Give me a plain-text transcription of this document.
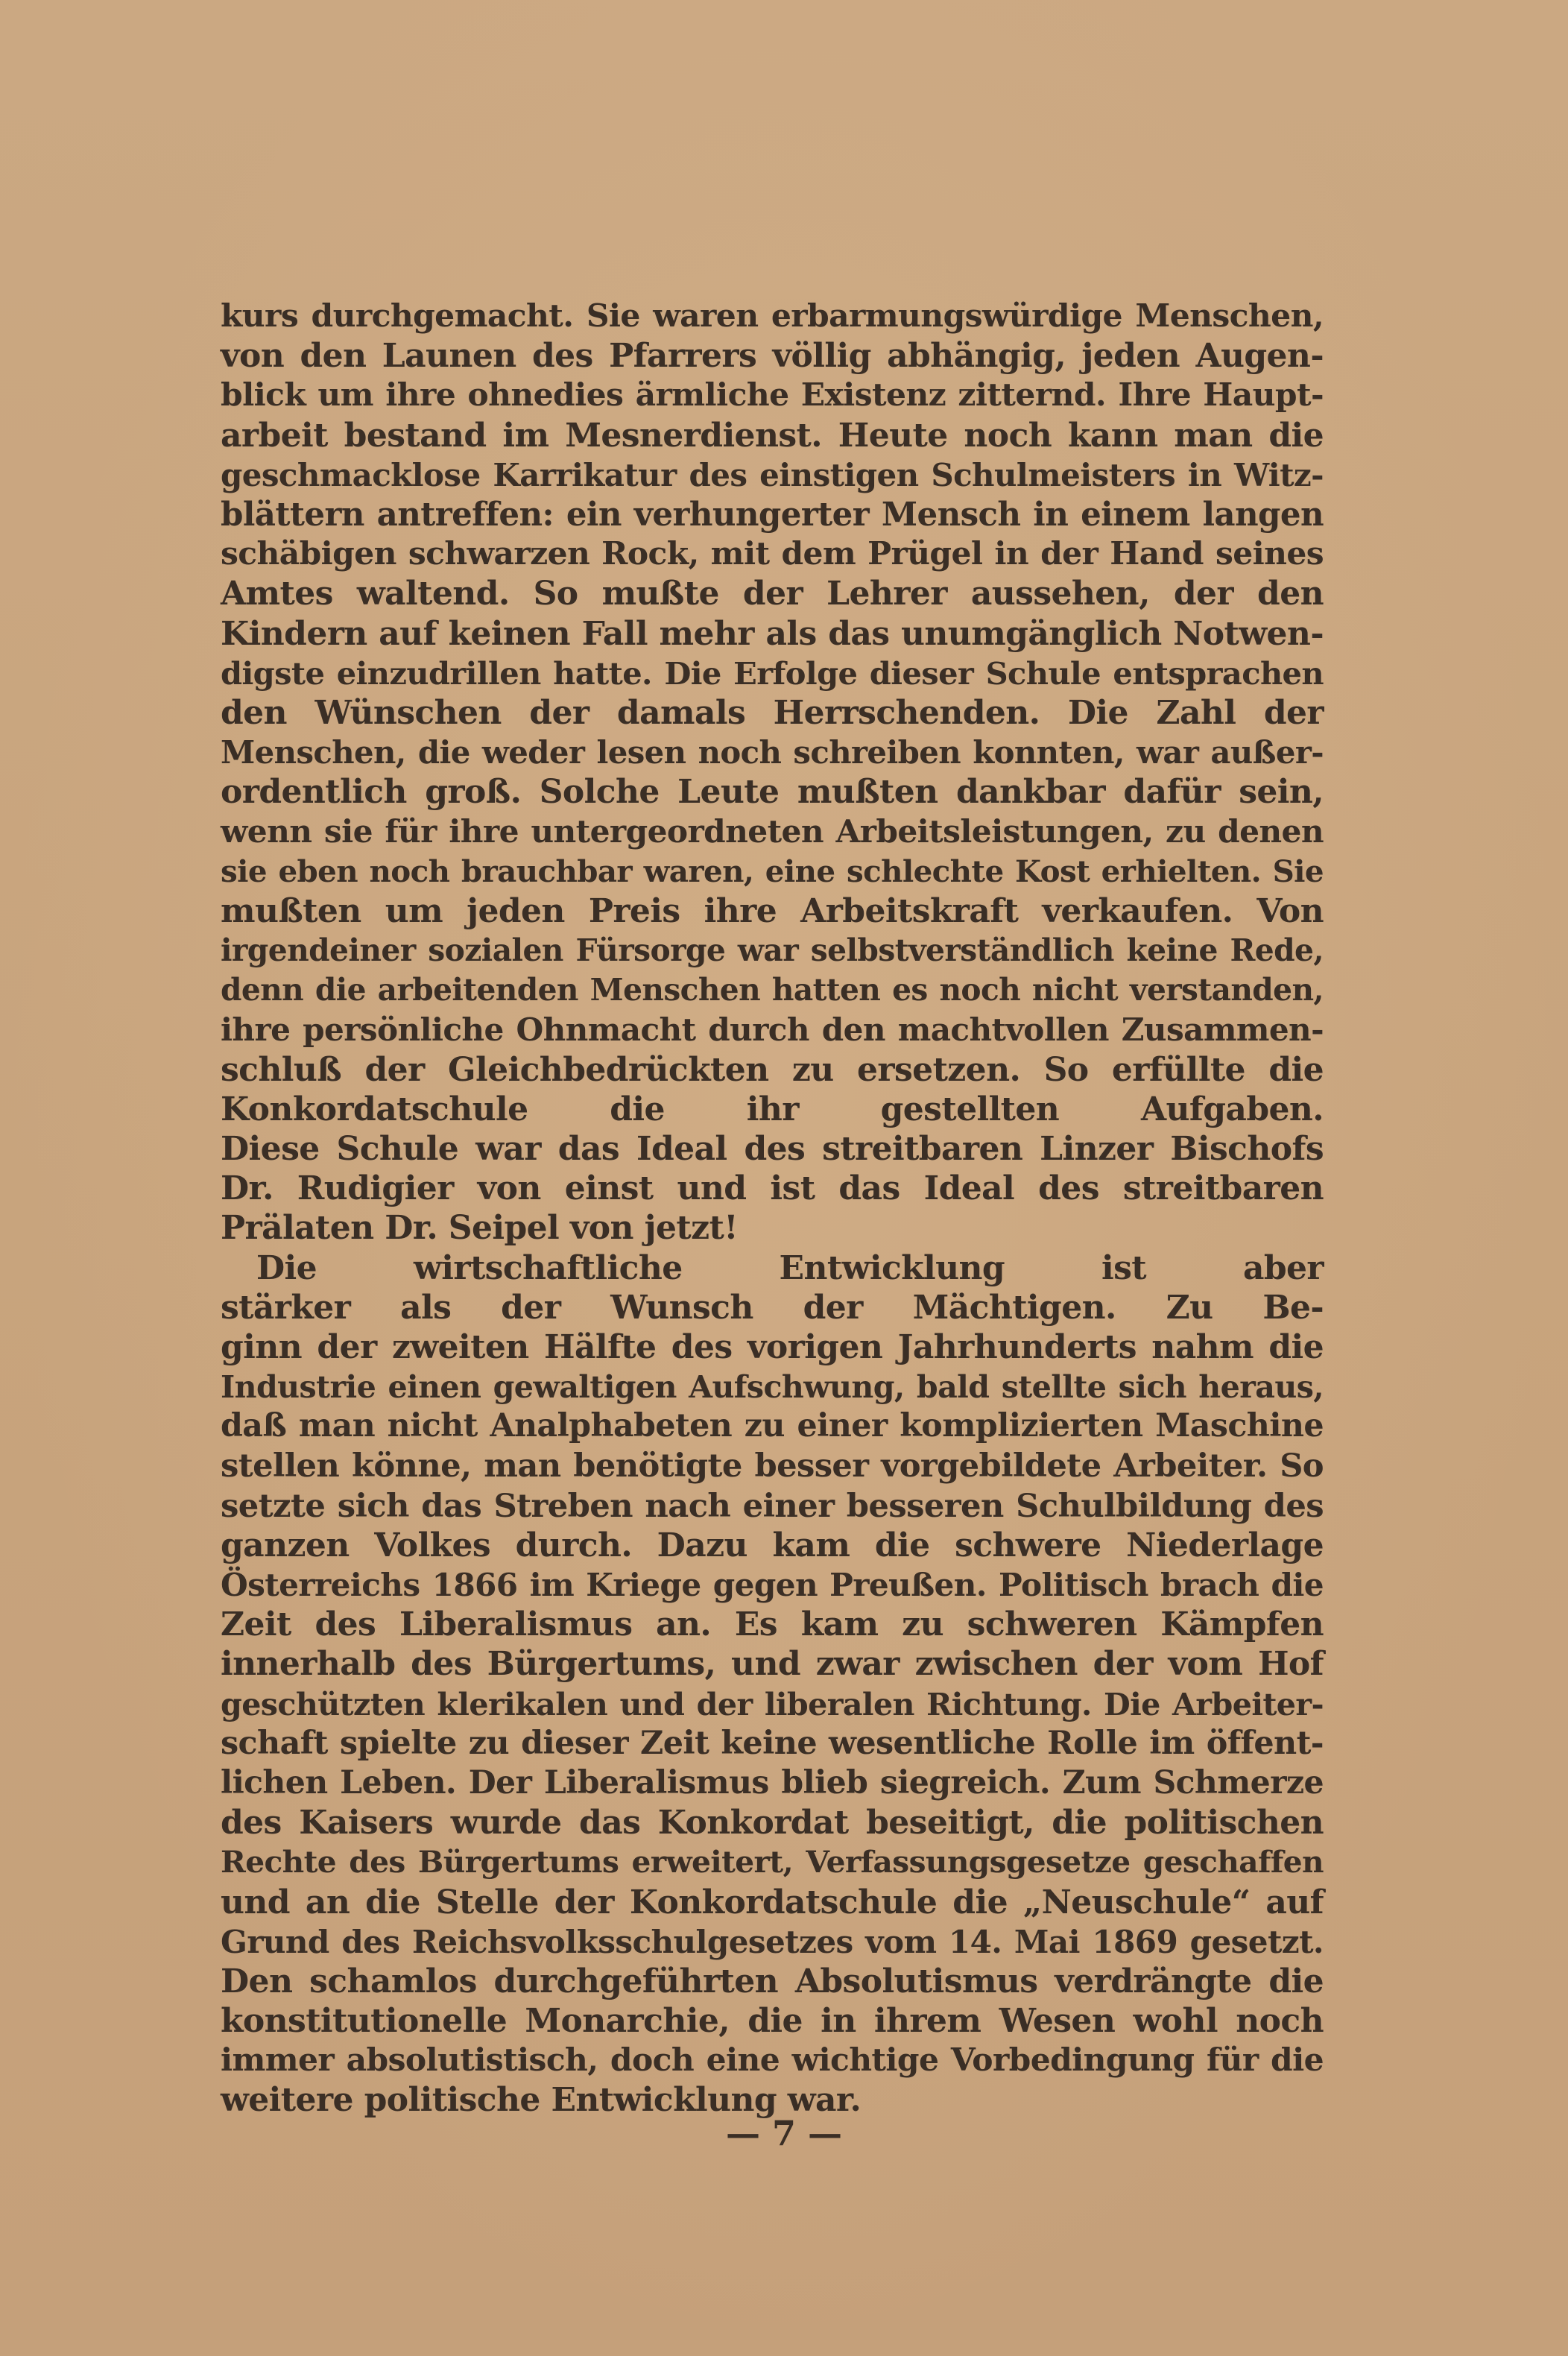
kurs durchgemacht. Sie waren erbarmungswürdige Menschen,
von den Launen des Pfarrers völlig abhängig, jeden Augen-
blick um ihre ohnedies ärmliche Existenz zitternd. Ihre Haupt-
arbeit bestand im Mesnerdienst. Heute noch kann man die
geschmacklose Karrikatur des einstigen Schulmeisters in Witz-
blättern antreffen: ein verhungerter Mensch in einem langen
schäbigen schwarzen Rock, mit dem Prügel in der Hand seines
Amtes waltend. So mußte der Lehrer aussehen, der den
Kindern auf keinen Fall mehr als das unumgänglich Notwen-
digste einzudrillen hatte. Die Erfolge dieser Schule entsprachen
den Wünschen der damals Herrschenden. Die Zahl der
Menschen, die weder lesen noch schreiben konnten, war außer-
ordentlich groß. Solche Leute mußten dankbar dafür sein,
wenn sie für ihre untergeordneten Arbeitsleistungen, zu denen
sie eben noch brauchbar waren, eine schlechte Kost erhielten. Sie
mußten um jeden Preis ihre Arbeitskraft verkaufen. Von
irgendeiner sozialen Fürsorge war selbstverständlich keine Rede,
denn die arbeitenden Menschen hatten es noch nicht verstanden,
ihre persönliche Ohnmacht durch den machtvollen Zusammen-
schluß der Gleichbedrückten zu ersetzen. So erfüllte die
Konkordatschule die ihr gestellten Aufgaben.
Diese Schule war das Ideal des streitbaren Linzer Bischofs
Dr. Rudigier von einst und ist das Ideal des streitbaren
Prälaten Dr. Seipel von jetzt!
Die wirtschaftliche Entwicklung ist aber
stärker als der Wunsch der Mächtigen. Zu Be-
ginn der zweiten Hälfte des vorigen Jahrhunderts nahm die
Industrie einen gewaltigen Aufschwung, bald stellte sich heraus,
daß man nicht Analphabeten zu einer komplizierten Maschine
stellen könne, man benötigte besser vorgebildete Arbeiter. So
setzte sich das Streben nach einer besseren Schulbildung des
ganzen Volkes durch. Dazu kam die schwere Niederlage
Österreichs 1866 im Kriege gegen Preußen. Politisch brach die
Zeit des Liberalismus an. Es kam zu schweren Kämpfen
innerhalb des Bürgertums, und zwar zwischen der vom Hof
geschützten klerikalen und der liberalen Richtung. Die Arbeiter-
schaft spielte zu dieser Zeit keine wesentliche Rolle im öffent-
lichen Leben. Der Liberalismus blieb siegreich. Zum Schmerze
des Kaisers wurde das Konkordat beseitigt, die politischen
Rechte des Bürgertums erweitert, Verfassungsgesetze geschaffen
und an die Stelle der Konkordatschule die „Neuschule“ auf
Grund des Reichsvolksschulgesetzes vom 14. Mai 1869 gesetzt.
Den schamlos durchgeführten Absolutismus verdrängte die
konstitutionelle Monarchie, die in ihrem Wesen wohl noch
immer absolutistisch, doch eine wichtige Vorbedingung für die
weitere politische Entwicklung war.
— 7 —
